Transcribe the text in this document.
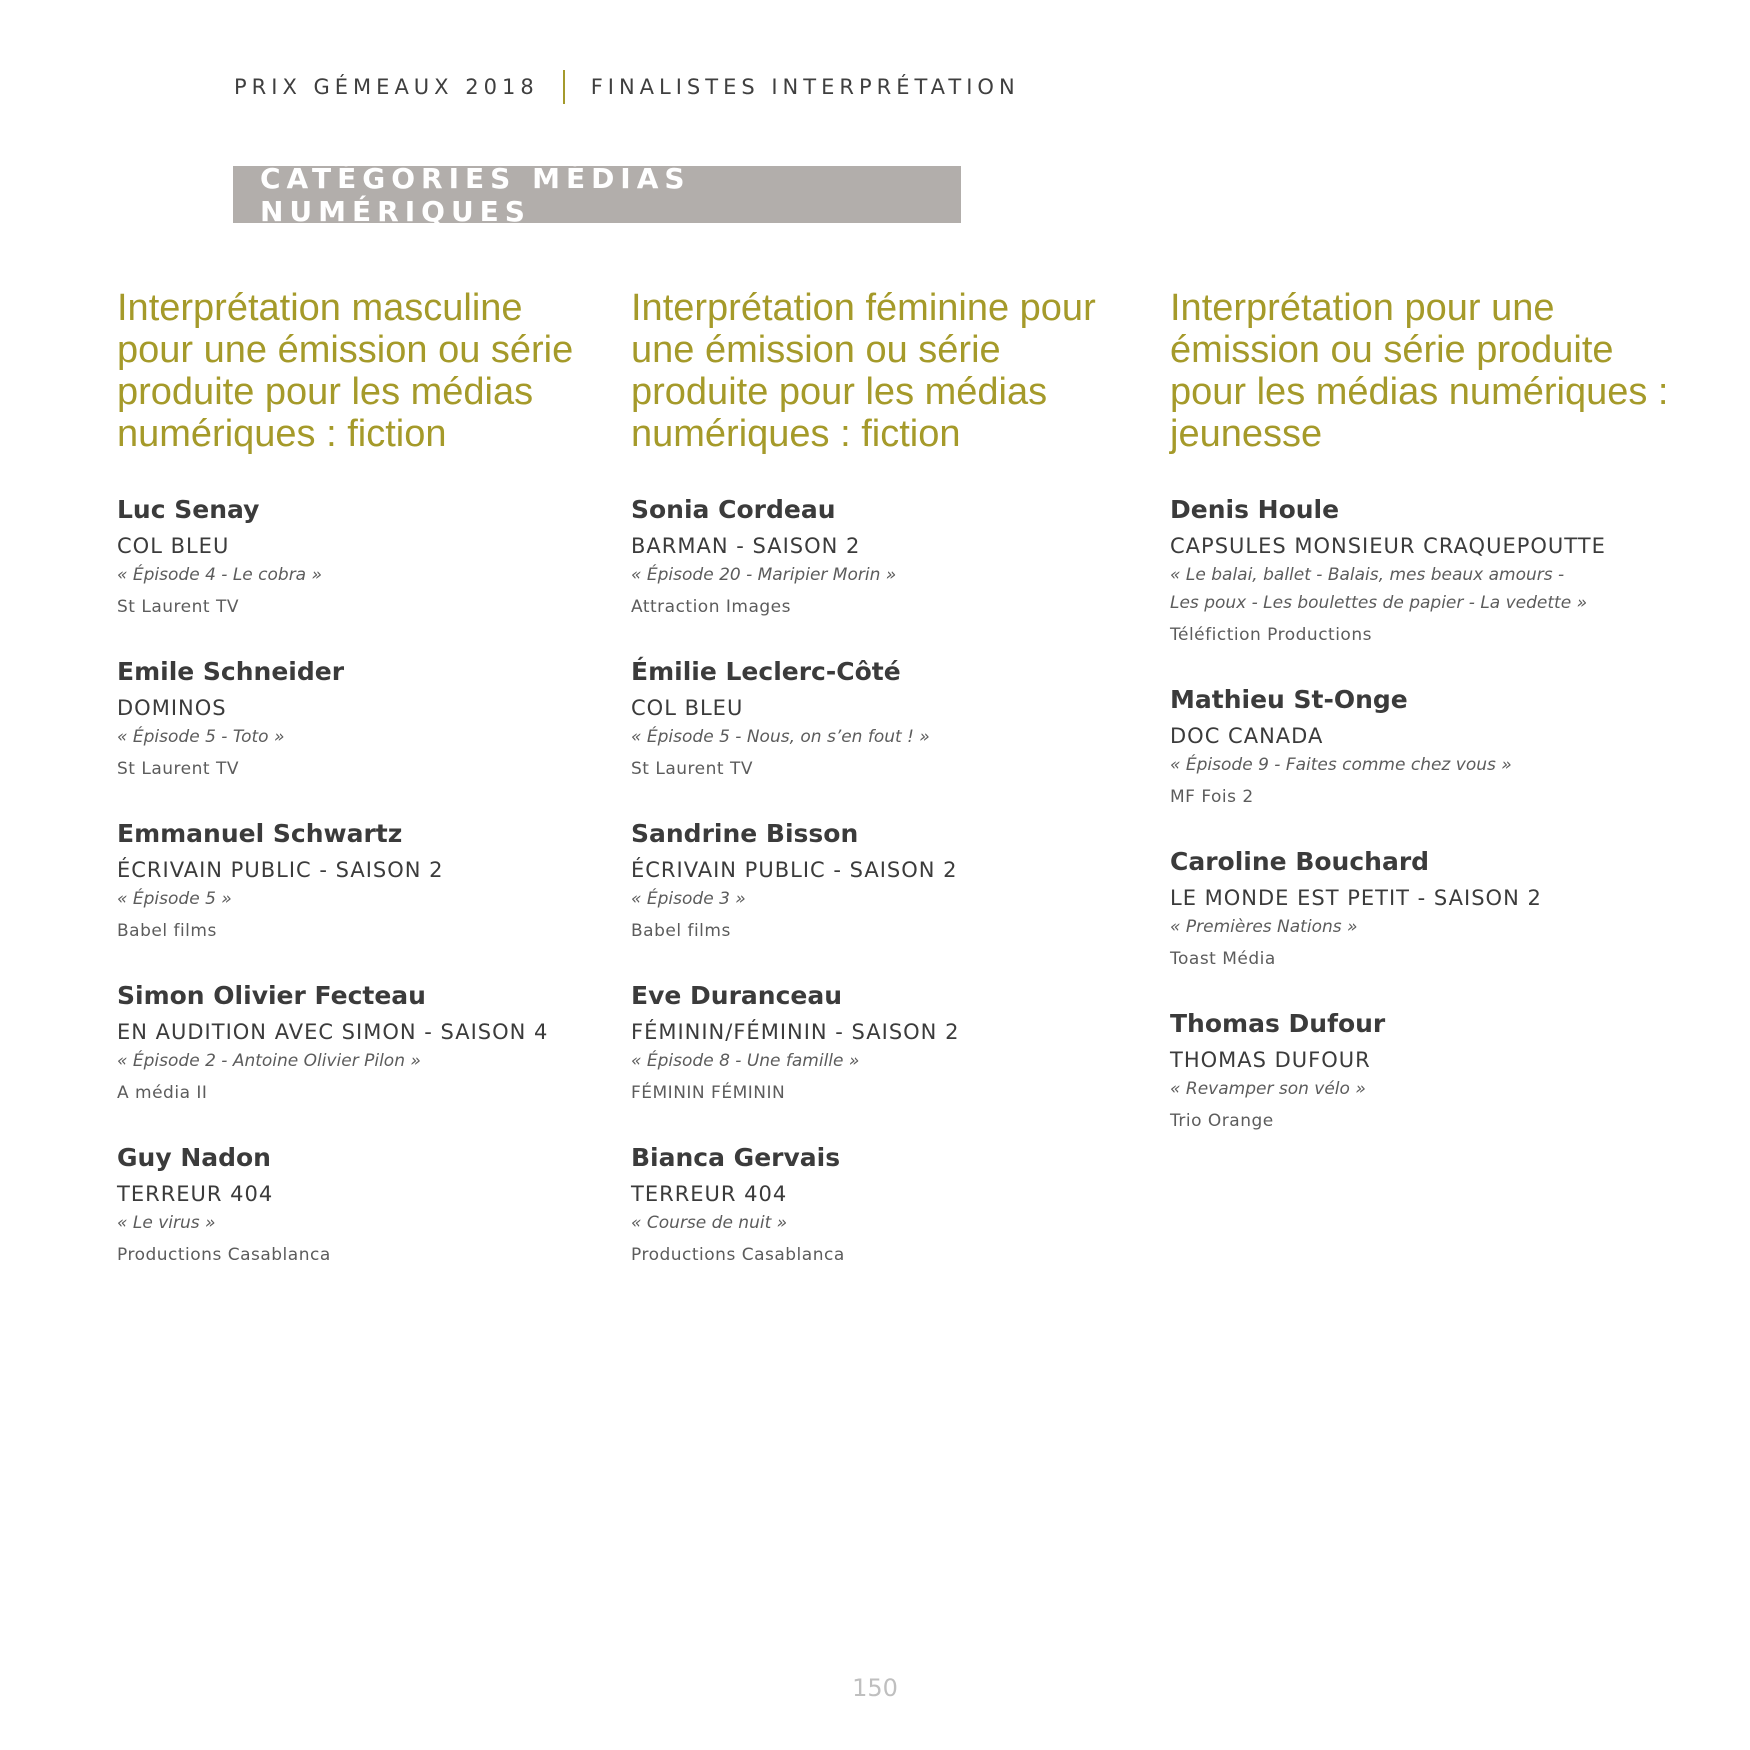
PRIX GÉMEAUX 2018 FINALISTES INTERPRÉTATION
CATÉGORIES MÉDIAS NUMÉRIQUES
Interprétation masculine pour une émission ou série produite pour les médias numériques : fiction
Luc Senay
COL BLEU
« Épisode 4 - Le cobra »
St Laurent TV
Emile Schneider
DOMINOS
« Épisode 5 - Toto »
St Laurent TV
Emmanuel Schwartz
ÉCRIVAIN PUBLIC - SAISON 2
« Épisode 5 »
Babel films
Simon Olivier Fecteau
EN AUDITION AVEC SIMON - SAISON 4
« Épisode 2 - Antoine Olivier Pilon »
A média II
Guy Nadon
TERREUR 404
« Le virus »
Productions Casablanca
Interprétation féminine pour une émission ou série produite pour les médias numériques : fiction
Sonia Cordeau
BARMAN - SAISON 2
« Épisode 20 - Maripier Morin »
Attraction Images
Émilie Leclerc-Côté
COL BLEU
« Épisode 5 - Nous, on s’en fout ! »
St Laurent TV
Sandrine Bisson
ÉCRIVAIN PUBLIC - SAISON 2
« Épisode 3 »
Babel films
Eve Duranceau
FÉMININ/FÉMININ - SAISON 2
« Épisode 8 - Une famille »
FÉMININ FÉMININ
Bianca Gervais
TERREUR 404
« Course de nuit »
Productions Casablanca
Interprétation pour une émission ou série produite pour les médias numériques : jeunesse
Denis Houle
CAPSULES MONSIEUR CRAQUEPOUTTE
« Le balai, ballet - Balais, mes beaux amours -
Les poux - Les boulettes de papier - La vedette »
Téléfiction Productions
Mathieu St-Onge
DOC CANADA
« Épisode 9 - Faites comme chez vous »
MF Fois 2
Caroline Bouchard
LE MONDE EST PETIT - SAISON 2
« Premières Nations »
Toast Média
Thomas Dufour
THOMAS DUFOUR
« Revamper son vélo »
Trio Orange
150
